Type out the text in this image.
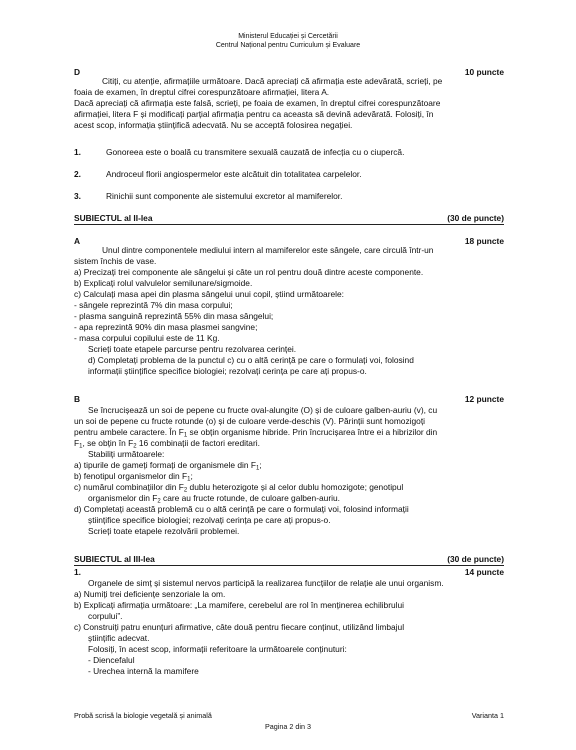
Ministerul Educației și Cercetării
Centrul Național pentru Curriculum și Evaluare
D	10 puncte
Citiți, cu atenție, afirmațiile următoare. Dacă apreciați că afirmația este adevărată, scrieți, pe
foaia de examen, în dreptul cifrei corespunzătoare afirmației, litera A.
Dacă apreciați că afirmația este falsă, scrieți, pe foaia de examen, în dreptul cifrei corespunzătoare
afirmației, litera F și modificați parțial afirmația pentru ca aceasta să devină adevărată. Folosiți, în
acest scop, informația științifică adecvată. Nu se acceptă folosirea negației.
1.	Gonoreea este o boală cu transmitere sexuală cauzată de infecția cu o ciupercă.
2.	Androceul florii angiospermelor este alcătuit din totalitatea carpelelor.
3.	Rinichii sunt componente ale sistemului excretor al mamiferelor.
SUBIECTUL al II-lea	(30 de puncte)
A	18 puncte
Unul dintre componentele mediului intern al mamiferelor este sângele, care circulă într-un
sistem închis de vase.
a) Precizați trei componente ale sângelui și câte un rol pentru două dintre aceste componente.
b) Explicați rolul valvulelor semilunare/sigmoide.
c) Calculați masa apei din plasma sângelui unui copil, știind următoarele:
- sângele reprezintă 7% din masa corpului;
- plasma sanguină reprezintă 55% din masa sângelui;
- apa reprezintă 90% din masa plasmei sangvine;
- masa corpului copilului este de 11 Kg.
Scrieți toate etapele parcurse pentru rezolvarea cerinței.
d) Completați problema de la punctul c) cu o altă cerință pe care o formulați voi, folosind
informații științifice specifice biologiei; rezolvați cerința pe care ați propus-o.
B	12 puncte
Se încrucișează un soi de pepene cu fructe oval-alungite (O) și de culoare galben-auriu (v), cu
un soi de pepene cu fructe rotunde (o) și de culoare verde-deschis (V). Părinții sunt homozigoți
pentru ambele caractere. În $F_1$ se obțin organisme hibride. Prin încrucișarea între ei a hibrizilor din
$F_1$, se obțin în $F_2$ 16 combinații de factori ereditari.
Stabiliți următoarele:
a) tipurile de gameți formați de organismele din $F_1$;
b) fenotipul organismelor din $F_1$;
c) numărul combinațiilor din $F_2$ dublu heterozigote și al celor dublu homozigote; genotipul
organismelor din $F_2$ care au fructe rotunde, de culoare galben-auriu.
d) Completați această problemă cu o altă cerință pe care o formulați voi, folosind informații
științifice specifice biologiei; rezolvați cerința pe care ați propus-o.
Scrieți toate etapele rezolvării problemei.
SUBIECTUL al III-lea	(30 de puncte)
1.	14 puncte
Organele de simț și sistemul nervos participă la realizarea funcțiilor de relație ale unui organism.
a) Numiți trei deficiențe senzoriale la om.
b) Explicați afirmația următoare: „La mamifere, cerebelul are rol în menținerea echilibrului
corpului”.
c) Construiți patru enunțuri afirmative, câte două pentru fiecare conținut, utilizând limbajul
științific adecvat.
Folosiți, în acest scop, informații referitoare la următoarele conținuturi:
- Diencefalul
- Urechea internă la mamifere
Probă scrisă la biologie vegetală și animală	Varianta 1
Pagina 2 din 3
